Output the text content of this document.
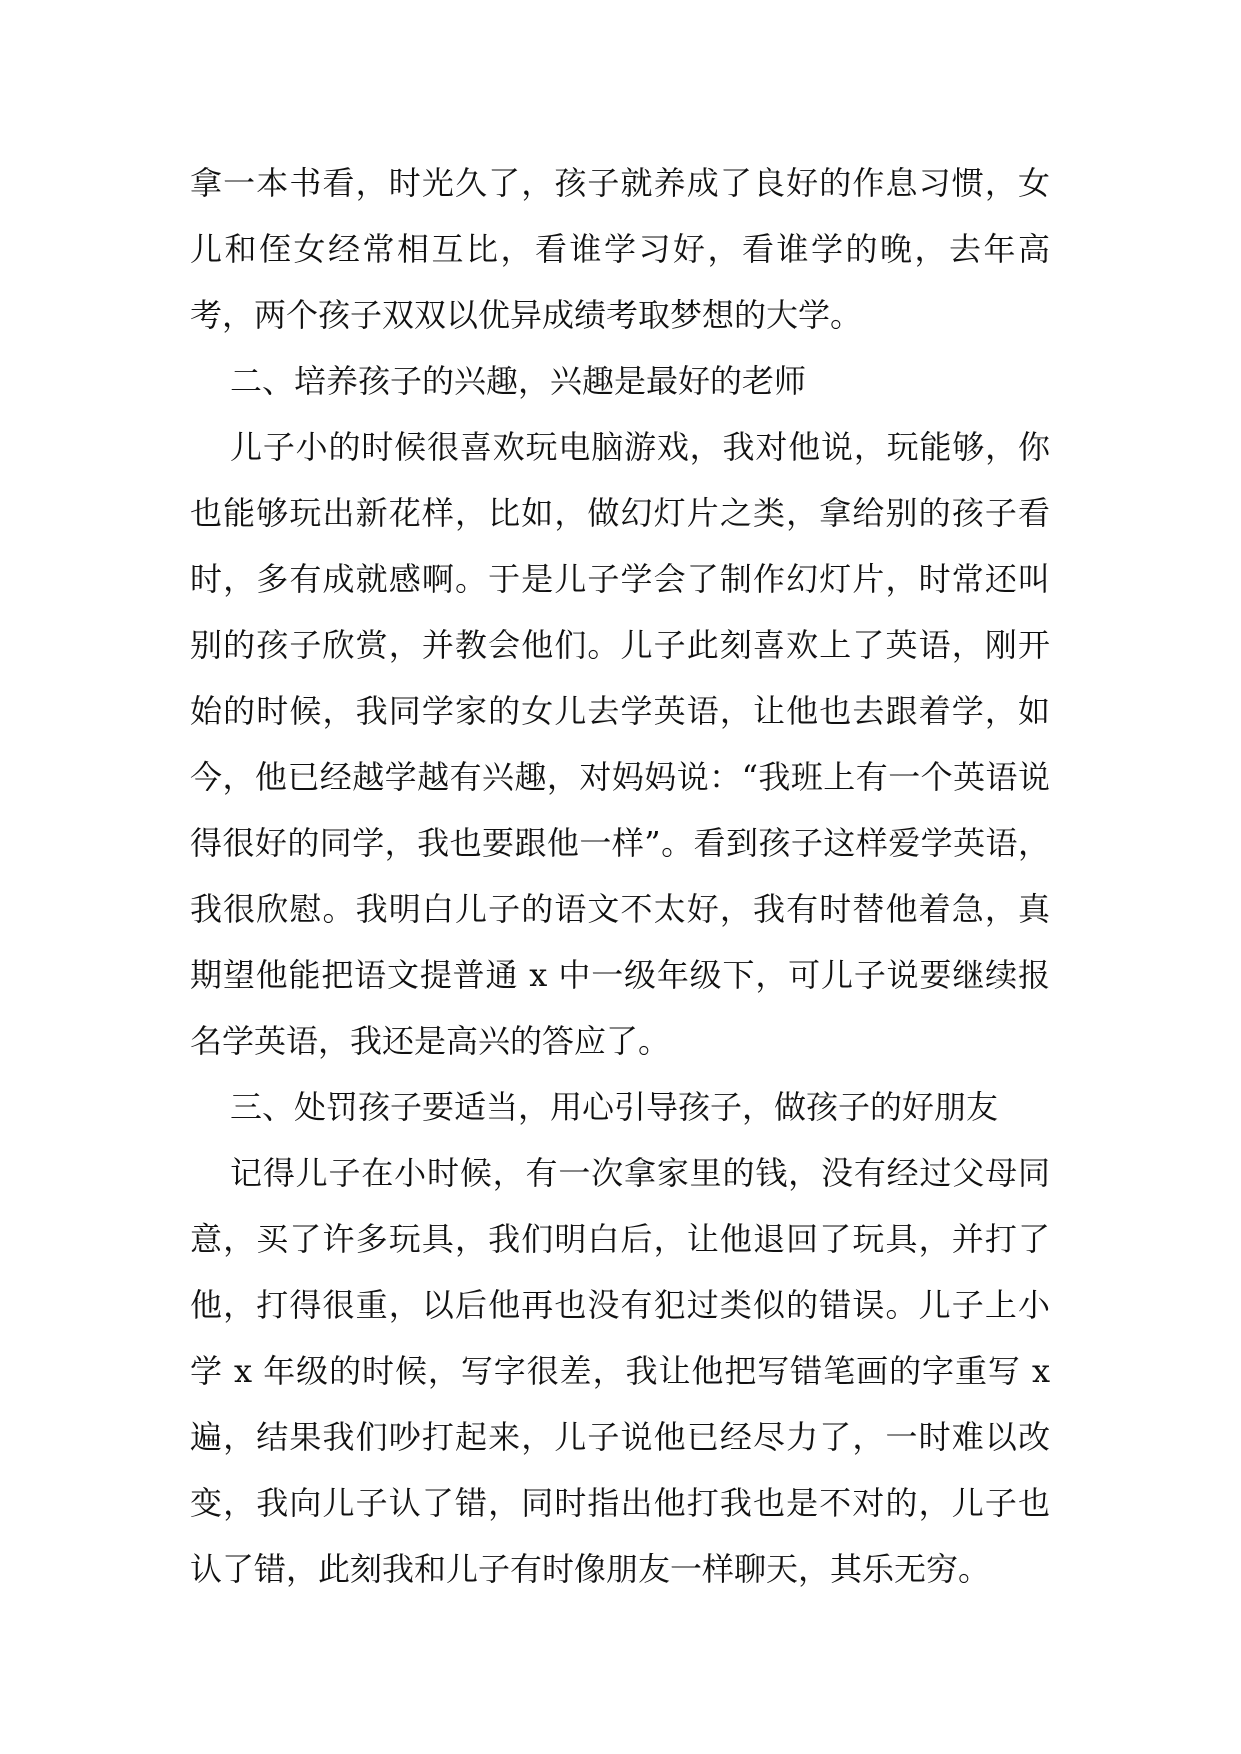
拿一本书看，时光久了，孩子就养成了良好的作息习惯，女儿和侄女经常相互比，看谁学习好，看谁学的晚，去年高考，两个孩子双双以优异成绩考取梦想的大学。

二、培养孩子的兴趣，兴趣是最好的老师

儿子小的时候很喜欢玩电脑游戏，我对他说，玩能够，你也能够玩出新花样，比如，做幻灯片之类，拿给别的孩子看时，多有成就感啊。于是儿子学会了制作幻灯片，时常还叫别的孩子欣赏，并教会他们。儿子此刻喜欢上了英语，刚开始的时候，我同学家的女儿去学英语，让他也去跟着学，如今，他已经越学越有兴趣，对妈妈说：“我班上有一个英语说得很好的同学，我也要跟他一样”。看到孩子这样爱学英语，我很欣慰。我明白儿子的语文不太好，我有时替他着急，真期望他能把语文提普通 x 中一级年级下，可儿子说要继续报名学英语，我还是高兴的答应了。

三、处罚孩子要适当，用心引导孩子，做孩子的好朋友

记得儿子在小时候，有一次拿家里的钱，没有经过父母同意，买了许多玩具，我们明白后，让他退回了玩具，并打了他，打得很重，以后他再也没有犯过类似的错误。儿子上小学 x 年级的时候，写字很差，我让他把写错笔画的字重写 x 遍，结果我们吵打起来，儿子说他已经尽力了，一时难以改变，我向儿子认了错，同时指出他打我也是不对的，儿子也认了错，此刻我和儿子有时像朋友一样聊天，其乐无穷。
